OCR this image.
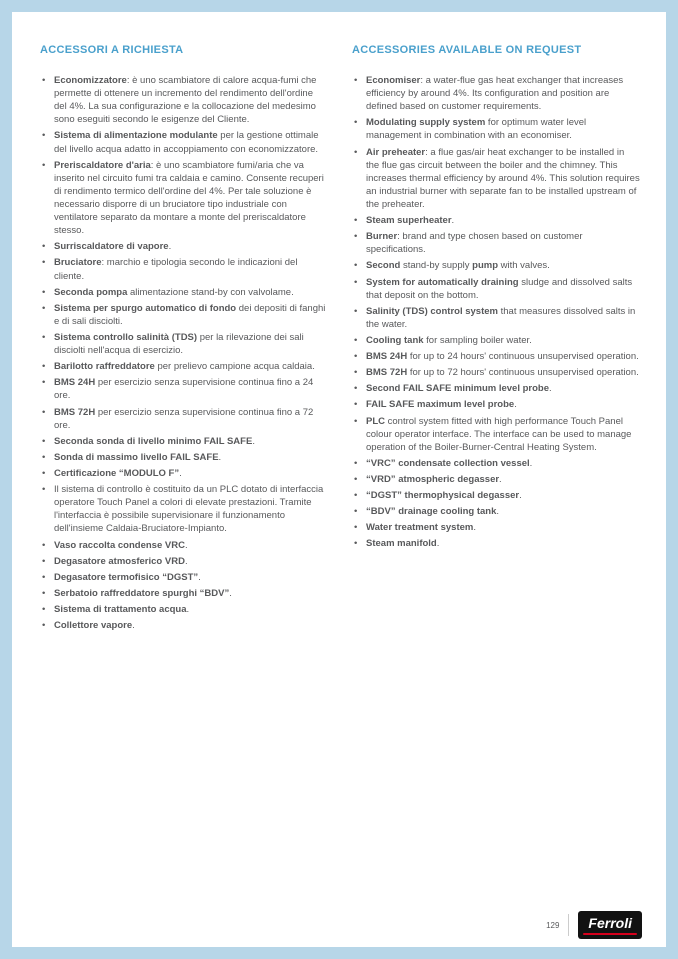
ACCESSORI A RICHIESTA
• Economizzatore: è uno scambiatore di calore acqua-fumi che permette di ottenere un incremento del rendimento dell'ordine del 4%. La sua configurazione e la collocazione del medesimo sono eseguiti secondo le esigenze del Cliente.
• Sistema di alimentazione modulante per la gestione ottimale del livello acqua adatto in accoppiamento con economizzatore.
• Preriscaldatore d'aria: è uno scambiatore fumi/aria che va inserito nel circuito fumi tra caldaia e camino. Consente recuperi di rendimento termico dell'ordine del 4%. Per tale soluzione è necessario disporre di un bruciatore tipo industriale con ventilatore separato da montare a monte del preriscaldatore stesso.
• Surriscaldatore di vapore.
• Bruciatore: marchio e tipologia secondo le indicazioni del cliente.
• Seconda pompa alimentazione stand-by con valvolame.
• Sistema per spurgo automatico di fondo dei depositi di fanghi e di sali disciolti.
• Sistema controllo salinità (TDS) per la rilevazione dei sali disciolti nell'acqua di esercizio.
• Barilotto raffreddatore per prelievo campione acqua caldaia.
• BMS 24H per esercizio senza supervisione continua fino a 24 ore.
• BMS 72H per esercizio senza supervisione continua fino a 72 ore.
• Seconda sonda di livello minimo FAIL SAFE.
• Sonda di massimo livello FAIL SAFE.
• Certificazione “MODULO F”.
• Il sistema di controllo è costituito da un PLC dotato di interfaccia operatore Touch Panel a colori di elevate prestazioni. Tramite l'interfaccia è possibile supervisionare il funzionamento dell'insieme Caldaia-Bruciatore-Impianto.
• Vaso raccolta condense VRC.
• Degasatore atmosferico VRD.
• Degasatore termofisico “DGST”.
• Serbatoio raffreddatore spurghi “BDV”.
• Sistema di trattamento acqua.
• Collettore vapore.
ACCESSORIES AVAILABLE ON REQUEST
• Economiser: a water-flue gas heat exchanger that increases efficiency by around 4%. Its configuration and position are defined based on customer requirements.
• Modulating supply system for optimum water level management in combination with an economiser.
• Air preheater: a flue gas/air heat exchanger to be installed in the flue gas circuit between the boiler and the chimney. This increases thermal efficiency by around 4%. This solution requires an industrial burner with separate fan to be installed upstream of the preheater.
• Steam superheater.
• Burner: brand and type chosen based on customer specifications.
• Second stand-by supply pump with valves.
• System for automatically draining sludge and dissolved salts that deposit on the bottom.
• Salinity (TDS) control system that measures dissolved salts in the water.
• Cooling tank for sampling boiler water.
• BMS 24H for up to 24 hours' continuous unsupervised operation.
• BMS 72H for up to 72 hours' continuous unsupervised operation.
• Second FAIL SAFE minimum level probe.
• FAIL SAFE maximum level probe.
• PLC control system fitted with high performance Touch Panel colour operator interface. The interface can be used to manage operation of the Boiler-Burner-Central Heating System.
• “VRC” condensate collection vessel.
• “VRD” atmospheric degasser.
• “DGST” thermophysical degasser.
• “BDV” drainage cooling tank.
• Water treatment system.
• Steam manifold.
129	Ferroli
